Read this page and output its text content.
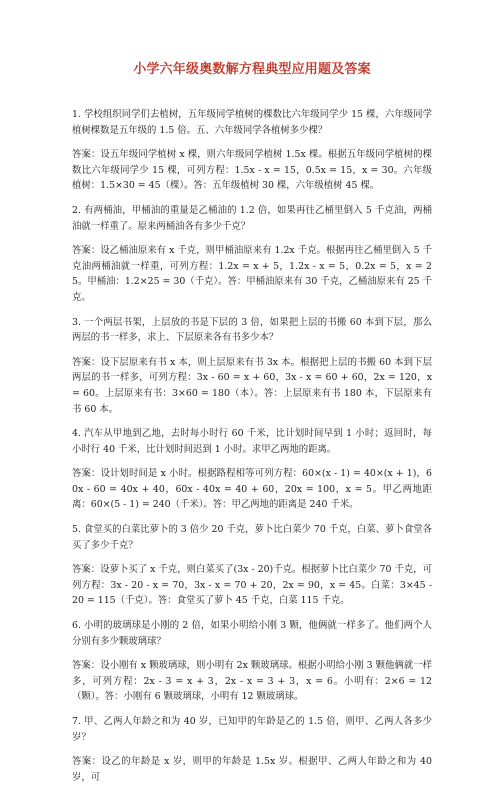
小学六年级奥数解方程典型应用题及答案

1. 学校组织同学们去植树，五年级同学植树的棵数比六年级同学少 15 棵，六年级同学植树棵数是五年级的 1.5 倍。五、六年级同学各植树多少棵？

答案：设五年级同学植树 x 棵，则六年级同学植树 1.5x 棵。根据五年级同学植树的棵数比六年级同学少 15 棵，可列方程：1.5x - x = 15，0.5x = 15，x = 30。六年级植树：1.5×30 = 45（棵）。答：五年级植树 30 棵，六年级植树 45 棵。

2. 有两桶油，甲桶油的重量是乙桶油的 1.2 倍，如果再往乙桶里倒入 5 千克油，两桶油就一样重了。原来两桶油各有多少千克？

答案：设乙桶油原来有 x 千克，则甲桶油原来有 1.2x 千克。根据再往乙桶里倒入 5 千克油两桶油就一样重，可列方程：1.2x = x + 5，1.2x - x = 5，0.2x = 5，x = 25。甲桶油：1.2×25 = 30（千克）。答：甲桶油原来有 30 千克，乙桶油原来有 25 千克。

3. 一个两层书架，上层放的书是下层的 3 倍，如果把上层的书搬 60 本到下层，那么两层的书一样多，求上、下层原来各有书多少本？

答案：设下层原来有书 x 本，则上层原来有书 3x 本。根据把上层的书搬 60 本到下层两层的书一样多，可列方程：3x - 60 = x + 60，3x - x = 60 + 60，2x = 120，x = 60。上层原来有书：3×60 = 180（本）。答：上层原来有书 180 本，下层原来有书 60 本。

4. 汽车从甲地到乙地，去时每小时行 60 千米，比计划时间早到 1 小时；返回时，每小时行 40 千米，比计划时间迟到 1 小时。求甲乙两地的距离。

答案：设计划时间是 x 小时。根据路程相等可列方程：60×(x - 1) = 40×(x + 1)，60x - 60 = 40x + 40，60x - 40x = 40 + 60，20x = 100，x = 5。甲乙两地距离：60×(5 - 1) = 240（千米）。答：甲乙两地的距离是 240 千米。

5. 食堂买的白菜比萝卜的 3 倍少 20 千克，萝卜比白菜少 70 千克，白菜、萝卜食堂各买了多少千克？

答案：设萝卜买了 x 千克，则白菜买了(3x - 20)千克。根据萝卜比白菜少 70 千克，可列方程：3x - 20 - x = 70，3x - x = 70 + 20，2x = 90，x = 45。白菜：3×45 - 20 = 115（千克）。答：食堂买了萝卜 45 千克，白菜 115 千克。

6. 小明的玻璃球是小刚的 2 倍，如果小明给小刚 3 颗，他俩就一样多了。他们两个人分别有多少颗玻璃球？

答案：设小刚有 x 颗玻璃球，则小明有 2x 颗玻璃球。根据小明给小刚 3 颗他俩就一样多，可列方程：2x - 3 = x + 3，2x - x = 3 + 3，x = 6。小明有：2×6 = 12（颗）。答：小刚有 6 颗玻璃球，小明有 12 颗玻璃球。

7. 甲、乙两人年龄之和为 40 岁，已知甲的年龄是乙的 1.5 倍，则甲、乙两人各多少岁？

答案：设乙的年龄是 x 岁，则甲的年龄是 1.5x 岁。根据甲、乙两人年龄之和为 40 岁，可
